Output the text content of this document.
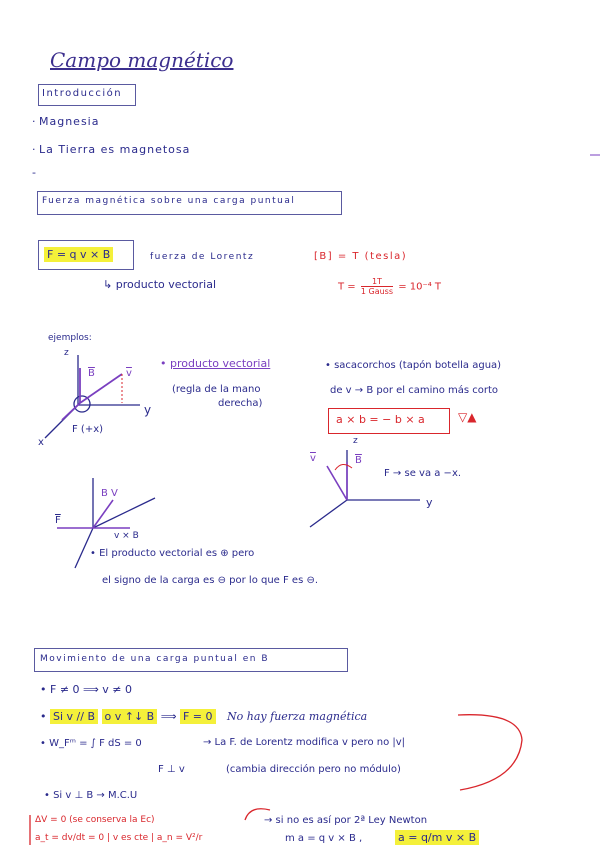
Campo magnético
Introducción
· Magnesia
· La Tierra es magnetosa
-
Fuerza magnética sobre una carga puntual
F = q v × B	fuerza de Lorentz
↳ producto vectorial
[B] = T (tesla)
T =	1T
1 Gauss = 10⁻⁴ T
ejemplos:
z
y
x
$\overline{B}$	$\overline{v}$
F (+x)
• producto vectorial
(regla de la mano
derecha)
• sacacorchos (tapón botella agua)
de v → B por el camino más corto
a × b = − b × a	▽▲
z
$\overline{v}$	$\overline{B}$
F → se va a −x.
y
B V
$\overline{F}$
v × B
• El producto vectorial es ⊕ pero
el signo de la carga es ⊖ por lo que F es ⊖.
Movimiento de una carga puntual en B
• F ≠ 0 ⟹ v ≠ 0
• Si v // B o v ↑↓ B ⟹ F = 0 No hay fuerza magnética
• W_Fᵐ = ∫ F dS = 0	→ La F. de Lorentz modifica v pero no |v|
F ⊥ v	(cambia dirección pero no módulo)
• Si v ⊥ B → M.C.U
→ si no es así por 2ª Ley Newton
ΔV = 0 (se conserva la Ec)
a_t = dv/dt = 0 | v es cte | a_n = V²/r	m a = q v × B ,	a = q/m v × B
